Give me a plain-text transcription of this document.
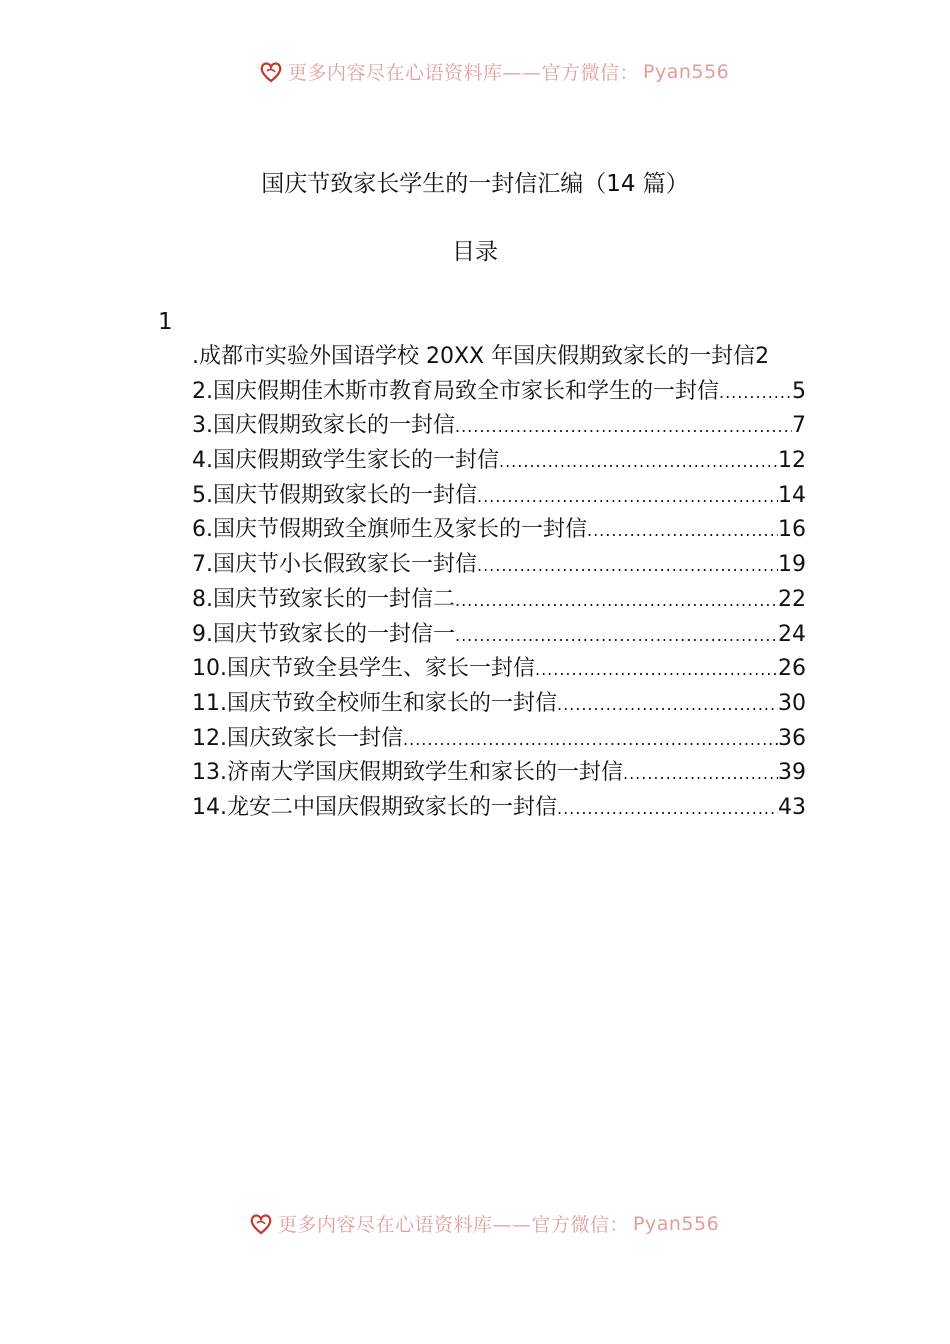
更多内容尽在心语资料库——官方微信： Pyan556
国庆节致家长学生的一封信汇编（14 篇）
目录
1
.成都市实验外国语学校 20XX 年国庆假期致家长的一封信 2
2.国庆假期佳木斯市教育局致全市家长和学生的一封信 .....	5
3.国庆假期致家长的一封信 .....	7
4.国庆假期致学生家长的一封信 .....	12
5.国庆节假期致家长的一封信 .....	14
6.国庆节假期致全旗师生及家长的一封信 .....	16
7.国庆节小长假致家长一封信 .....	19
8.国庆节致家长的一封信二 .....	22
9.国庆节致家长的一封信一 .....	24
10.国庆节致全县学生、家长一封信 .....	26
11.国庆节致全校师生和家长的一封信 .....	30
12.国庆致家长一封信 .....	36
13.济南大学国庆假期致学生和家长的一封信 .....	39
14.龙安二中国庆假期致家长的一封信 .....	43
更多内容尽在心语资料库——官方微信： Pyan556
